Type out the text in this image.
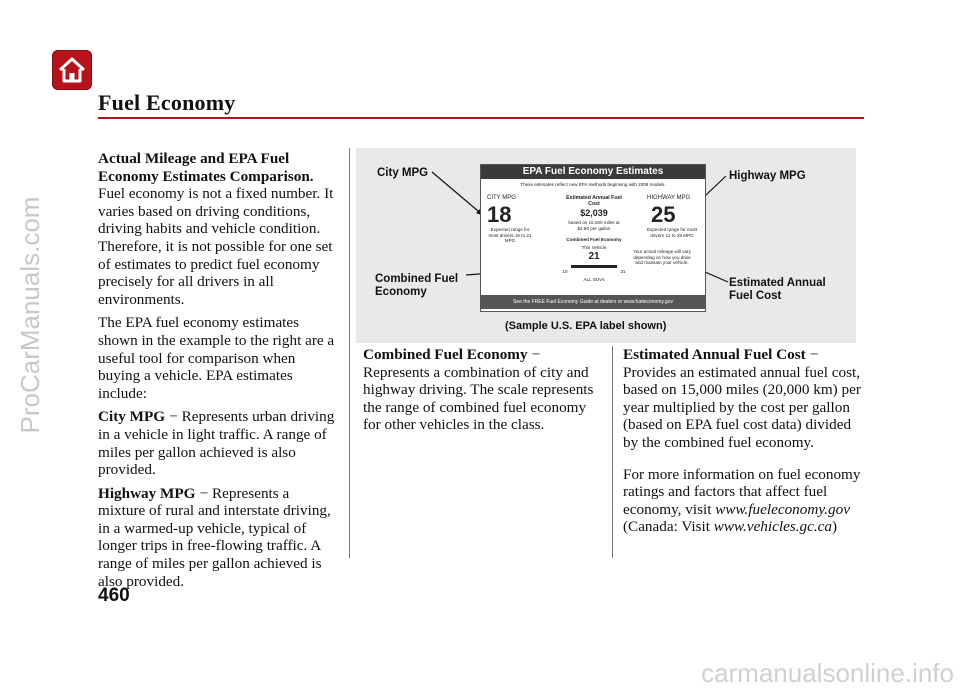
Fuel Economy
ProCarManuals.com
carmanualsonline.info

Actual Mileage and EPA Fuel Economy Estimates Comparison.
Fuel economy is not a fixed number. It varies based on driving conditions, driving habits and vehicle condition. Therefore, it is not possible for one set of estimates to predict fuel economy precisely for all drivers in all environments.

The EPA fuel economy estimates shown in the example to the right are a useful tool for comparison when buying a vehicle. EPA estimates include:

City MPG − Represents urban driving in a vehicle in light traffic. A range of miles per gallon achieved is also provided.

Highway MPG − Represents a mixture of rural and interstate driving, in a warmed-up vehicle, typical of longer trips in free-flowing traffic. A range of miles per gallon achieved is also provided.

EPA Fuel Economy Estimates
These estimates reflect new EPA methods beginning with 2008 models.
CITY MPG
18
Expected range for most drivers 15 to 21 MPG
HIGHWAY MPG
25
Expected range for most drivers 21 to 29 MPG
Estimated Annual Fuel Cost
$2,039
based on 15,000 miles at $2.80 per gallon
Combined Fuel Economy
This Vehicle
21
10	31
ALL SUVs
Your actual mileage will vary depending on how you drive and maintain your vehicle.
See the FREE Fuel Economy Guide at dealers or www.fueleconomy.gov
City MPG	Highway MPG
Combined Fuel Economy
Estimated Annual Fuel Cost
(Sample U.S. EPA label shown)

Combined Fuel Economy −
Represents a combination of city and highway driving. The scale represents the range of combined fuel economy for other vehicles in the class.

Estimated Annual Fuel Cost −
Provides an estimated annual fuel cost, based on 15,000 miles (20,000 km) per year multiplied by the cost per gallon (based on EPA fuel cost data) divided by the combined fuel economy.

For more information on fuel economy ratings and factors that affect fuel economy, visit www.fueleconomy.gov (Canada: Visit www.vehicles.gc.ca)

460
